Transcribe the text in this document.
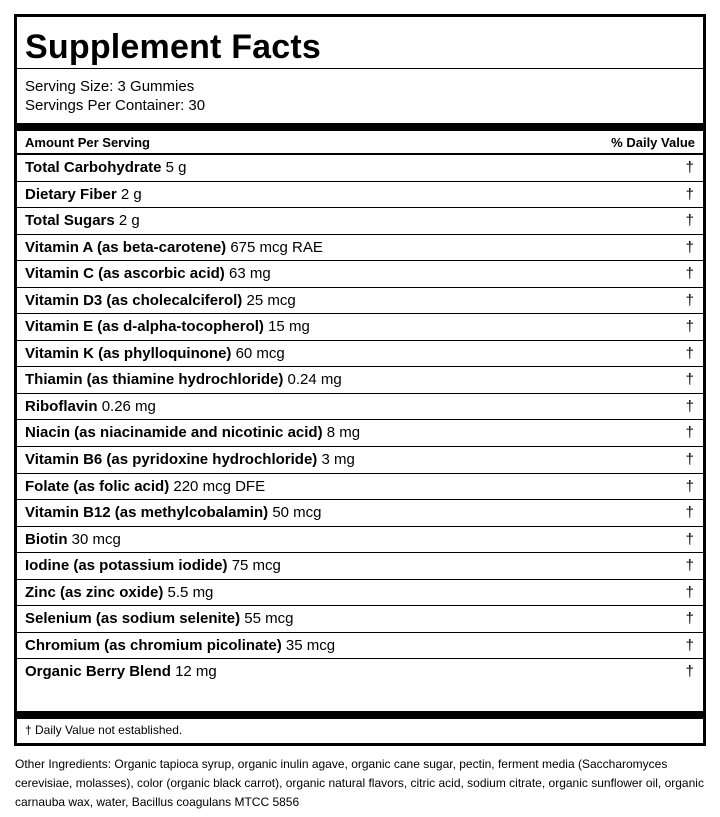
Supplement Facts
Serving Size: 3 Gummies
Servings Per Container: 30
Amount Per Serving	% Daily Value
Total Carbohydrate 5 g	†
Dietary Fiber 2 g	†
Total Sugars 2 g	†
Vitamin A (as beta-carotene) 675 mcg RAE	†
Vitamin C (as ascorbic acid) 63 mg	†
Vitamin D3 (as cholecalciferol) 25 mcg	†
Vitamin E (as d-alpha-tocopherol) 15 mg	†
Vitamin K (as phylloquinone) 60 mcg	†
Thiamin (as thiamine hydrochloride) 0.24 mg	†
Riboflavin 0.26 mg	†
Niacin (as niacinamide and nicotinic acid) 8 mg	†
Vitamin B6 (as pyridoxine hydrochloride) 3 mg	†
Folate (as folic acid) 220 mcg DFE	†
Vitamin B12 (as methylcobalamin) 50 mcg	†
Biotin 30 mcg	†
Iodine (as potassium iodide) 75 mcg	†
Zinc (as zinc oxide) 5.5 mg	†
Selenium (as sodium selenite) 55 mcg	†
Chromium (as chromium picolinate) 35 mcg	†
Organic Berry Blend 12 mg	†
† Daily Value not established.
Other Ingredients: Organic tapioca syrup, organic inulin agave, organic cane sugar, pectin, ferment media (Saccharomyces cerevisiae, molasses), color (organic black carrot), organic natural flavors, citric acid, sodium citrate, organic sunflower oil, organic carnauba wax, water, Bacillus coagulans MTCC 5856
